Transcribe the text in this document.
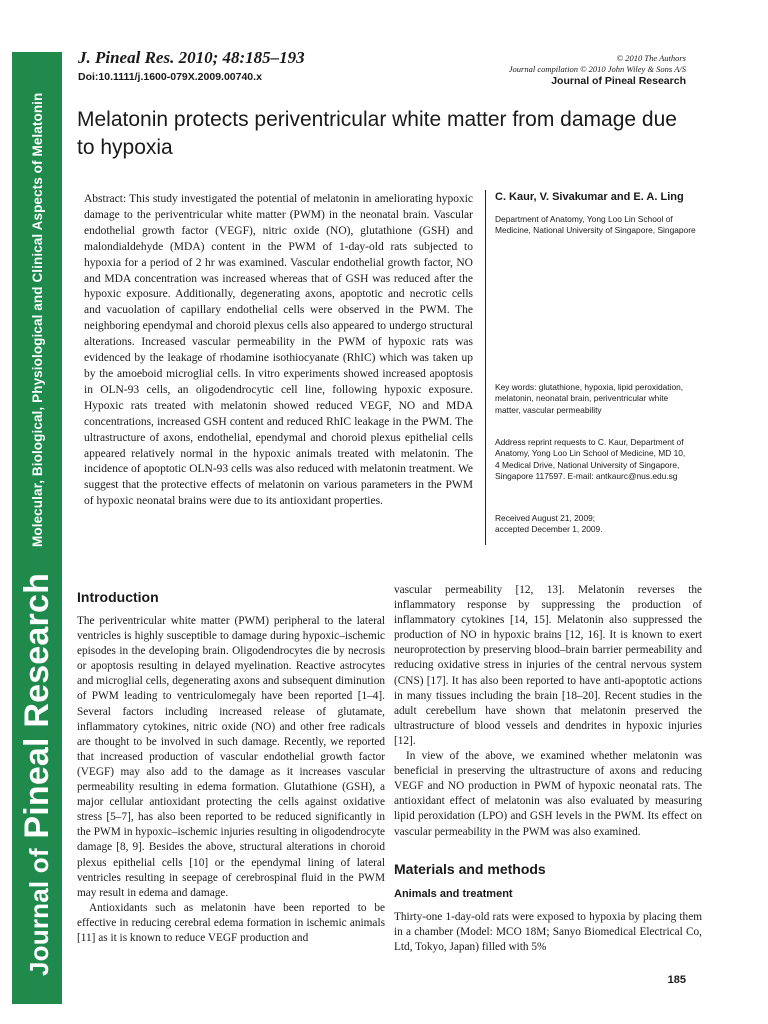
Journal of Pineal Research
Molecular, Biological, Physiological and Clinical Aspects of Melatonin
J. Pineal Res. 2010; 48:185–193
Doi:10.1111/j.1600-079X.2009.00740.x
© 2010 The Authors
Journal compilation © 2010 John Wiley & Sons A/S
Journal of Pineal Research
Melatonin protects periventricular white matter from damage due to hypoxia
Abstract: This study investigated the potential of melatonin in ameliorating hypoxic damage to the periventricular white matter (PWM) in the neonatal brain. Vascular endothelial growth factor (VEGF), nitric oxide (NO), glutathione (GSH) and malondialdehyde (MDA) content in the PWM of 1-day-old rats subjected to hypoxia for a period of 2 hr was examined. Vascular endothelial growth factor, NO and MDA concentration was increased whereas that of GSH was reduced after the hypoxic exposure. Additionally, degenerating axons, apoptotic and necrotic cells and vacuolation of capillary endothelial cells were observed in the PWM. The neighboring ependymal and choroid plexus cells also appeared to undergo structural alterations. Increased vascular permeability in the PWM of hypoxic rats was evidenced by the leakage of rhodamine isothiocyanate (RhIC) which was taken up by the amoeboid microglial cells. In vitro experiments showed increased apoptosis in OLN-93 cells, an oligodendrocytic cell line, following hypoxic exposure. Hypoxic rats treated with melatonin showed reduced VEGF, NO and MDA concentrations, increased GSH content and reduced RhIC leakage in the PWM. The ultrastructure of axons, endothelial, ependymal and choroid plexus epithelial cells appeared relatively normal in the hypoxic animals treated with melatonin. The incidence of apoptotic OLN-93 cells was also reduced with melatonin treatment. We suggest that the protective effects of melatonin on various parameters in the PWM of hypoxic neonatal brains were due to its antioxidant properties.
C. Kaur, V. Sivakumar and E. A. Ling
Department of Anatomy, Yong Loo Lin School of Medicine, National University of Singapore, Singapore
Key words: glutathione, hypoxia, lipid peroxidation, melatonin, neonatal brain, periventricular white matter, vascular permeability
Address reprint requests to C. Kaur, Department of Anatomy, Yong Loo Lin School of Medicine, MD 10, 4 Medical Drive, National University of Singapore, Singapore 117597. E-mail: antkaurc@nus.edu.sg
Received August 21, 2009;
accepted December 1, 2009.
Introduction

The periventricular white matter (PWM) peripheral to the lateral ventricles is highly susceptible to damage during hypoxic–ischemic episodes in the developing brain. Oligodendrocytes die by necrosis or apoptosis resulting in delayed myelination. Reactive astrocytes and microglial cells, degenerating axons and subsequent diminution of PWM leading to ventriculomegaly have been reported [1–4]. Several factors including increased release of glutamate, inflammatory cytokines, nitric oxide (NO) and other free radicals are thought to be involved in such damage. Recently, we reported that increased production of vascular endothelial growth factor (VEGF) may also add to the damage as it increases vascular permeability resulting in edema formation. Glutathione (GSH), a major cellular antioxidant protecting the cells against oxidative stress [5–7], has also been reported to be reduced significantly in the PWM in hypoxic–ischemic injuries resulting in oligodendrocyte damage [8, 9]. Besides the above, structural alterations in choroid plexus epithelial cells [10] or the ependymal lining of lateral ventricles resulting in seepage of cerebrospinal fluid in the PWM may result in edema and damage.

Antioxidants such as melatonin have been reported to be effective in reducing cerebral edema formation in ischemic animals [11] as it is known to reduce VEGF production and

vascular permeability [12, 13]. Melatonin reverses the inflammatory response by suppressing the production of inflammatory cytokines [14, 15]. Melatonin also suppressed the production of NO in hypoxic brains [12, 16]. It is known to exert neuroprotection by preserving blood–brain barrier permeability and reducing oxidative stress in injuries of the central nervous system (CNS) [17]. It has also been reported to have anti-apoptotic actions in many tissues including the brain [18–20]. Recent studies in the adult cerebellum have shown that melatonin preserved the ultrastructure of blood vessels and dendrites in hypoxic injuries [12].

In view of the above, we examined whether melatonin was beneficial in preserving the ultrastructure of axons and reducing VEGF and NO production in PWM of hypoxic neonatal rats. The antioxidant effect of melatonin was also evaluated by measuring lipid peroxidation (LPO) and GSH levels in the PWM. Its effect on vascular permeability in the PWM was also examined.

Materials and methods
Animals and treatment

Thirty-one 1-day-old rats were exposed to hypoxia by placing them in a chamber (Model: MCO 18M; Sanyo Biomedical Electrical Co, Ltd, Tokyo, Japan) filled with 5%

185
